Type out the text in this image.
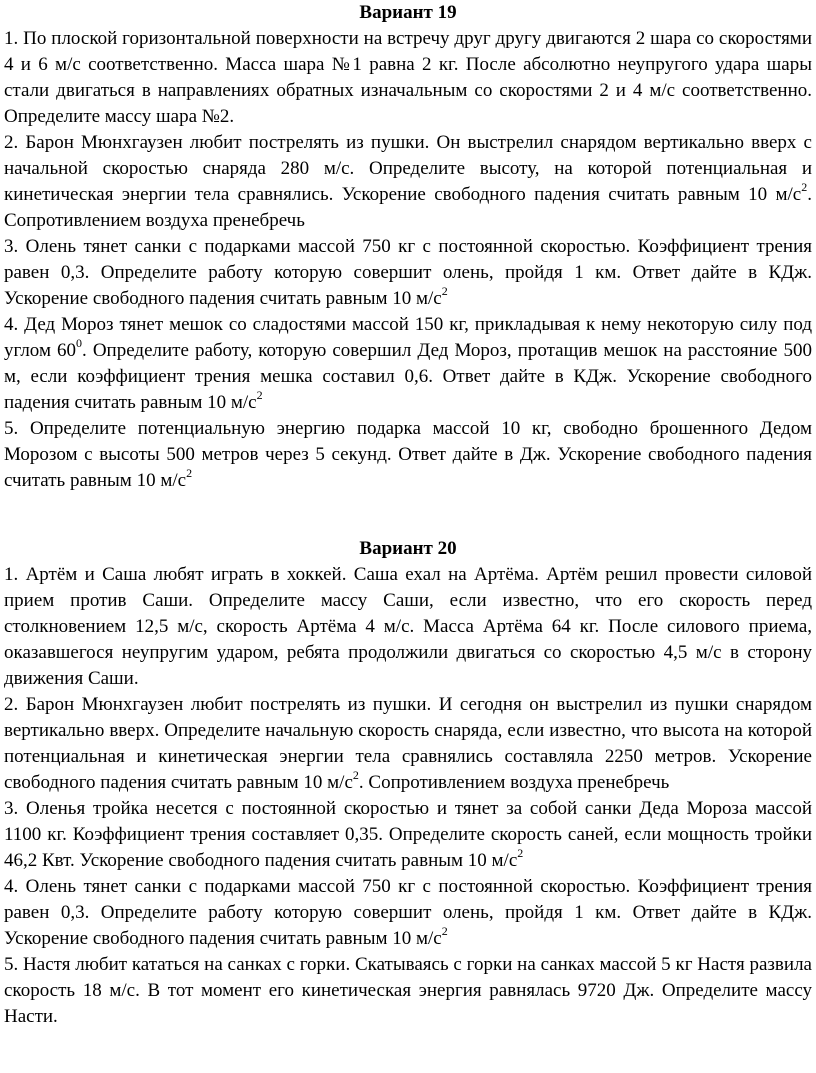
Вариант 19

1. По плоской горизонтальной поверхности на встречу друг другу двигаются 2 шара со скоростями 4 и 6 м/с соответственно. Масса шара №1 равна 2 кг. После абсолютно неупругого удара шары стали двигаться в направлениях обратных изначальным со скоростями 2 и 4 м/с соответственно. Определите массу шара №2.

2. Барон Мюнхгаузен любит пострелять из пушки. Он выстрелил снарядом вертикально вверх с начальной скоростью снаряда 280 м/с. Определите высоту, на которой потенциальная и кинетическая энергии тела сравнялись. Ускорение свободного падения считать равным 10 $м/с^2$. Сопротивлением воздуха пренебречь

3. Олень тянет санки с подарками массой 750 кг с постоянной скоростью. Коэффициент трения равен 0,3. Определите работу которую совершит олень, пройдя 1 км. Ответ дайте в КДж. Ускорение свободного падения считать равным 10 $м/с^2$

4. Дед Мороз тянет мешок со сладостями массой 150 кг, прикладывая к нему некоторую силу под углом $60^0$. Определите работу, которую совершил Дед Мороз, протащив мешок на расстояние 500 м, если коэффициент трения мешка составил 0,6. Ответ дайте в КДж. Ускорение свободного падения считать равным 10 $м/с^2$

5. Определите потенциальную энергию подарка массой 10 кг, свободно брошенного Дедом Морозом с высоты 500 метров через 5 секунд. Ответ дайте в Дж. Ускорение свободного падения считать равным 10 $м/с^2$

Вариант 20

1. Артём и Саша любят играть в хоккей. Саша ехал на Артёма. Артём решил провести силовой прием против Саши. Определите массу Саши, если известно, что его скорость перед столкновением 12,5 м/с, скорость Артёма 4 м/с. Масса Артёма 64 кг. После силового приема, оказавшегося неупругим ударом, ребята продолжили двигаться со скоростью 4,5 м/с в сторону движения Саши.

2. Барон Мюнхгаузен любит пострелять из пушки. И сегодня он выстрелил из пушки снарядом вертикально вверх. Определите начальную скорость снаряда, если известно, что высота на которой потенциальная и кинетическая энергии тела сравнялись составляла 2250 метров. Ускорение свободного падения считать равным 10 $м/с^2$. Сопротивлением воздуха пренебречь

3. Оленья тройка несется с постоянной скоростью и тянет за собой санки Деда Мороза массой 1100 кг. Коэффициент трения составляет 0,35. Определите скорость саней, если мощность тройки 46,2 Квт. Ускорение свободного падения считать равным 10 $м/с^2$

4. Олень тянет санки с подарками массой 750 кг с постоянной скоростью. Коэффициент трения равен 0,3. Определите работу которую совершит олень, пройдя 1 км. Ответ дайте в КДж. Ускорение свободного падения считать равным 10 $м/с^2$

5. Настя любит кататься на санках с горки. Скатываясь с горки на санках массой 5 кг Настя развила скорость 18 м/с. В тот момент его кинетическая энергия равнялась 9720 Дж. Определите массу Насти.
